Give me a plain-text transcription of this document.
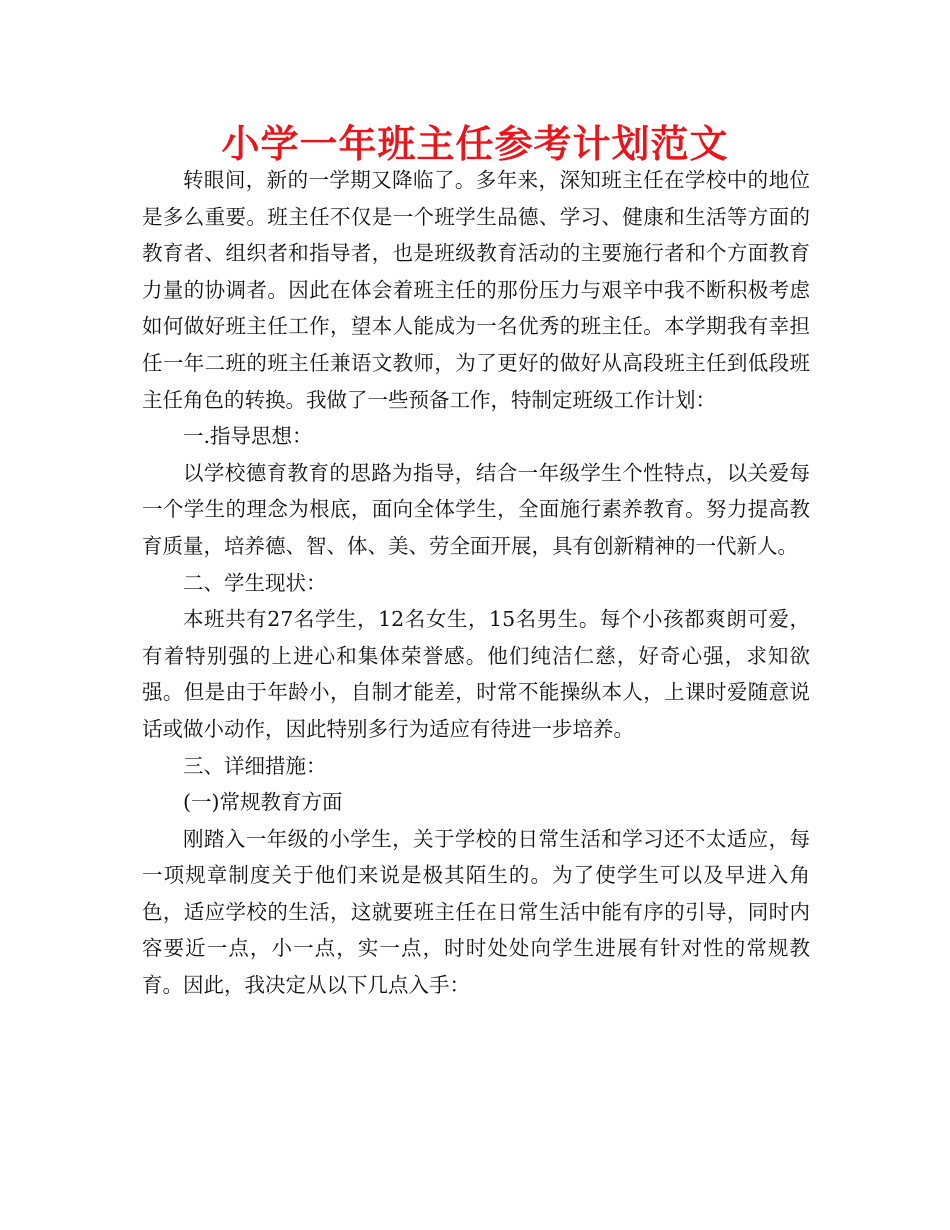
小学一年班主任参考计划范文

转眼间，新的一学期又降临了。多年来，深知班主任在学校中的地位是多么重要。班主任不仅是一个班学生品德、学习、健康和生活等方面的教育者、组织者和指导者，也是班级教育活动的主要施行者和个方面教育力量的协调者。因此在体会着班主任的那份压力与艰辛中我不断积极考虑如何做好班主任工作，望本人能成为一名优秀的班主任。本学期我有幸担任一年二班的班主任兼语文教师，为了更好的做好从高段班主任到低段班主任角色的转换。我做了一些预备工作，特制定班级工作计划：

一.指导思想：

以学校德育教育的思路为指导，结合一年级学生个性特点，以关爱每一个学生的理念为根底，面向全体学生，全面施行素养教育。努力提高教育质量，培养德、智、体、美、劳全面开展，具有创新精神的一代新人。

二、学生现状：

本班共有27名学生，12名女生，15名男生。每个小孩都爽朗可爱，有着特别强的上进心和集体荣誉感。他们纯洁仁慈，好奇心强，求知欲强。但是由于年龄小，自制才能差，时常不能操纵本人，上课时爱随意说话或做小动作，因此特别多行为适应有待进一步培养。

三、详细措施：

(一)常规教育方面

刚踏入一年级的小学生，关于学校的日常生活和学习还不太适应，每一项规章制度关于他们来说是极其陌生的。为了使学生可以及早进入角色，适应学校的生活，这就要班主任在日常生活中能有序的引导，同时内容要近一点，小一点，实一点，时时处处向学生进展有针对性的常规教育。因此，我决定从以下几点入手：
